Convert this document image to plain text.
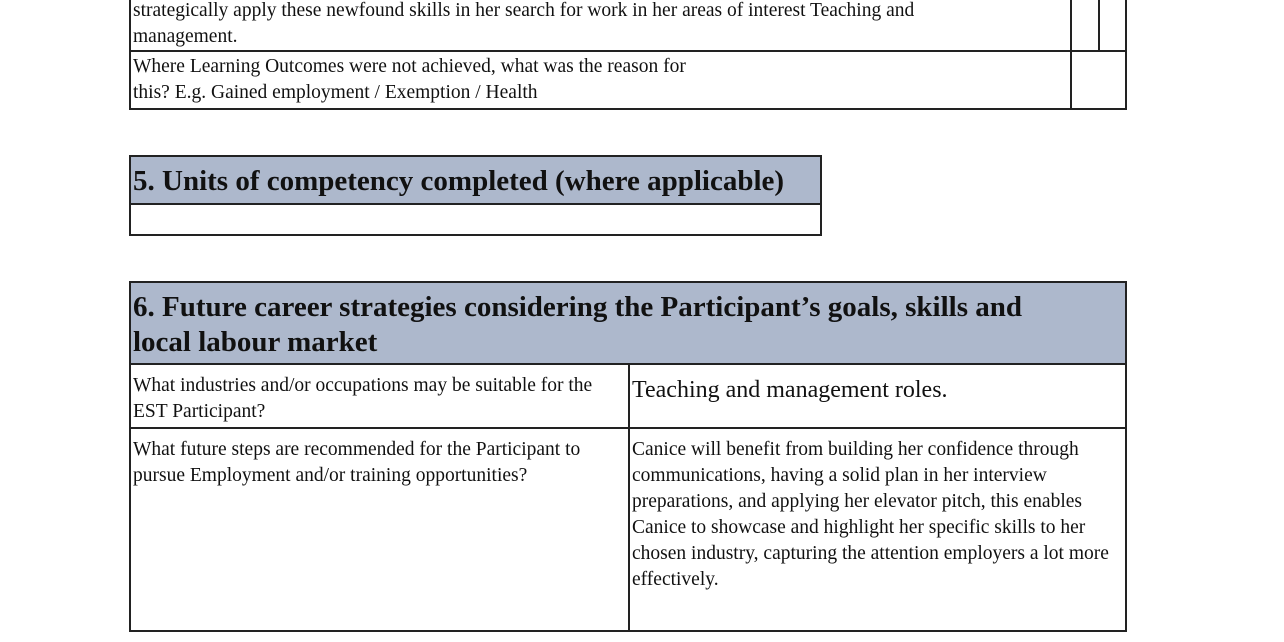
strategically apply these newfound skills in her search for work in her areas of interest Teaching and management.
Where Learning Outcomes were not achieved, what was the reason for this? E.g. Gained employment / Exemption / Health
5. Units of competency completed (where applicable)
6. Future career strategies considering the Participant’s goals, skills and local labour market
What industries and/or occupations may be suitable for the EST Participant?
Teaching and management roles.
What future steps are recommended for the Participant to pursue Employment and/or training opportunities?
Canice will benefit from building her confidence through communications, having a solid plan in her interview preparations, and applying her elevator pitch, this enables Canice to showcase and highlight her specific skills to her chosen industry, capturing the attention employers a lot more effectively.
